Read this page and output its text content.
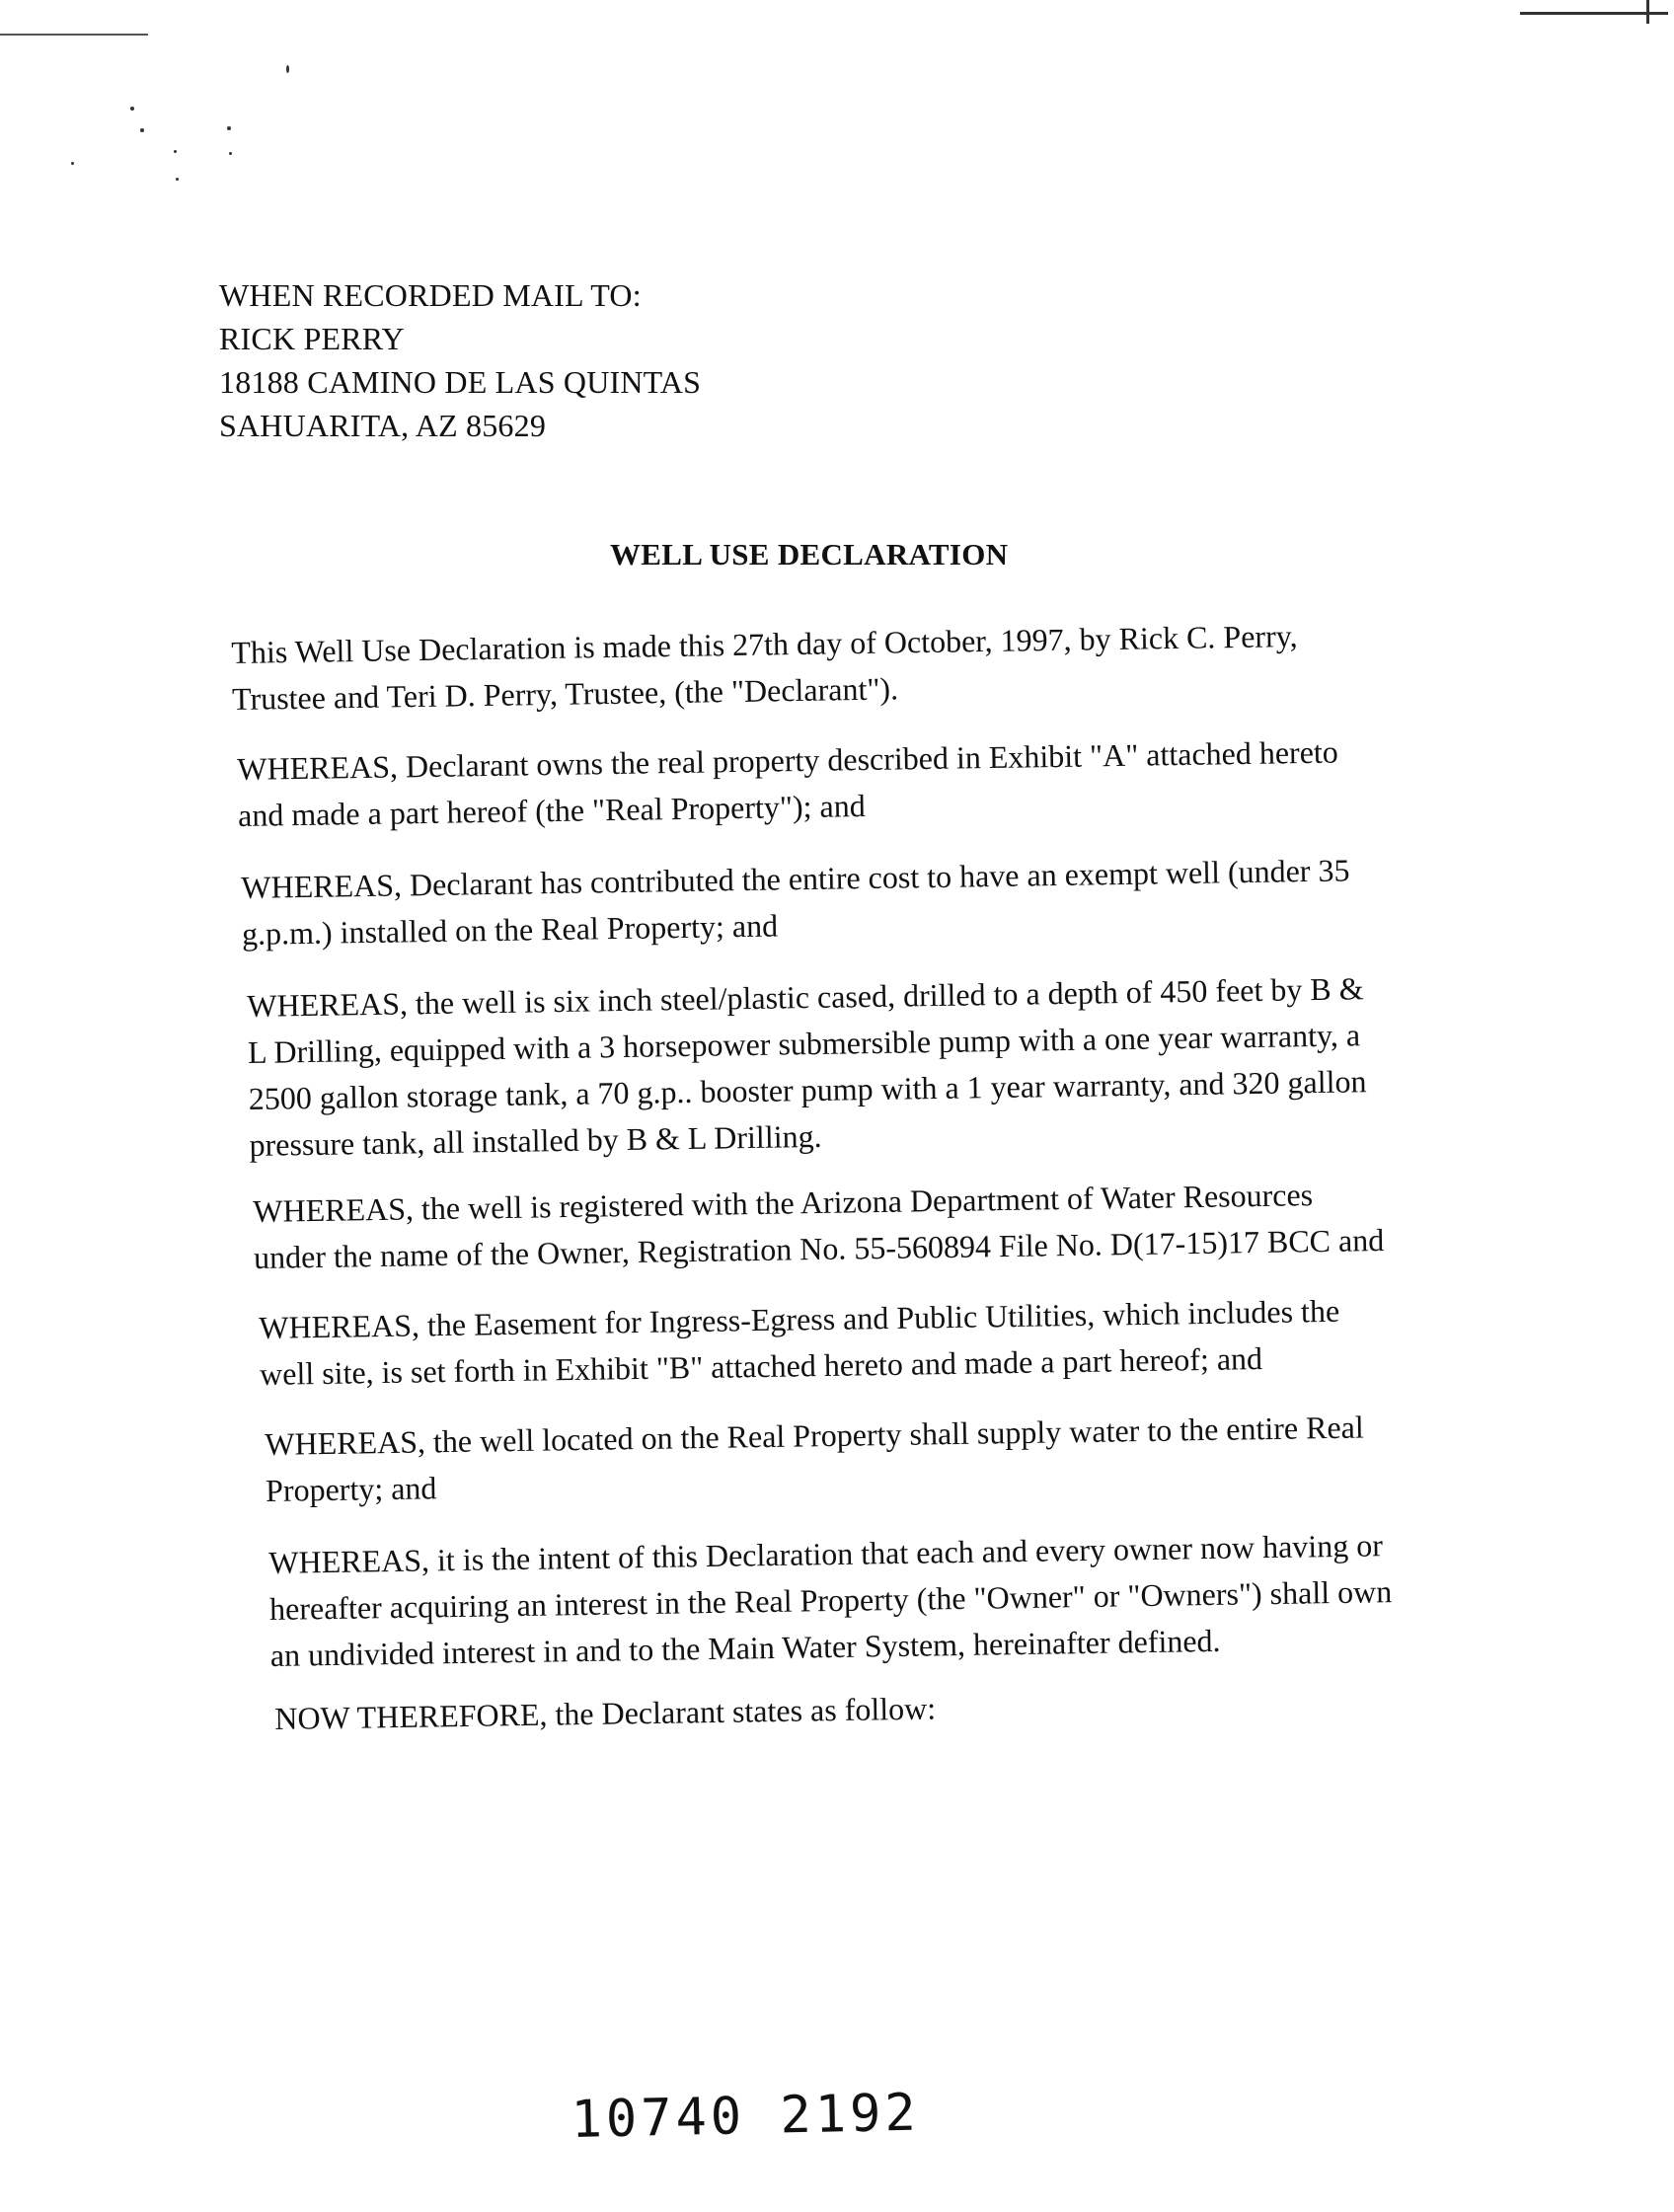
WHEN RECORDED MAIL TO:
RICK PERRY
18188 CAMINO DE LAS QUINTAS
SAHUARITA, AZ 85629
WELL USE DECLARATION
This Well Use Declaration is made this 27th day of October, 1997, by Rick C. Perry,
Trustee and Teri D. Perry, Trustee, (the "Declarant").
WHEREAS, Declarant owns the real property described in Exhibit "A" attached hereto
and made a part hereof (the "Real Property"); and
WHEREAS, Declarant has contributed the entire cost to have an exempt well (under 35
g.p.m.) installed on the Real Property; and
WHEREAS, the well is six inch steel/plastic cased, drilled to a depth of 450 feet by B &
L Drilling, equipped with a 3 horsepower submersible pump with a one year warranty, a
2500 gallon storage tank, a 70 g.p.. booster pump with a 1 year warranty, and 320 gallon
pressure tank, all installed by B & L Drilling.
WHEREAS, the well is registered with the Arizona Department of Water Resources
under the name of the Owner, Registration No. 55-560894 File No. D(17-15)17 BCC and
WHEREAS, the Easement for Ingress-Egress and Public Utilities, which includes the
well site, is set forth in Exhibit "B" attached hereto and made a part hereof; and
WHEREAS, the well located on the Real Property shall supply water to the entire Real
Property; and
WHEREAS, it is the intent of this Declaration that each and every owner now having or
hereafter acquiring an interest in the Real Property (the "Owner" or "Owners") shall own
an undivided interest in and to the Main Water System, hereinafter defined.
NOW THEREFORE, the Declarant states as follow:
10740 2192
